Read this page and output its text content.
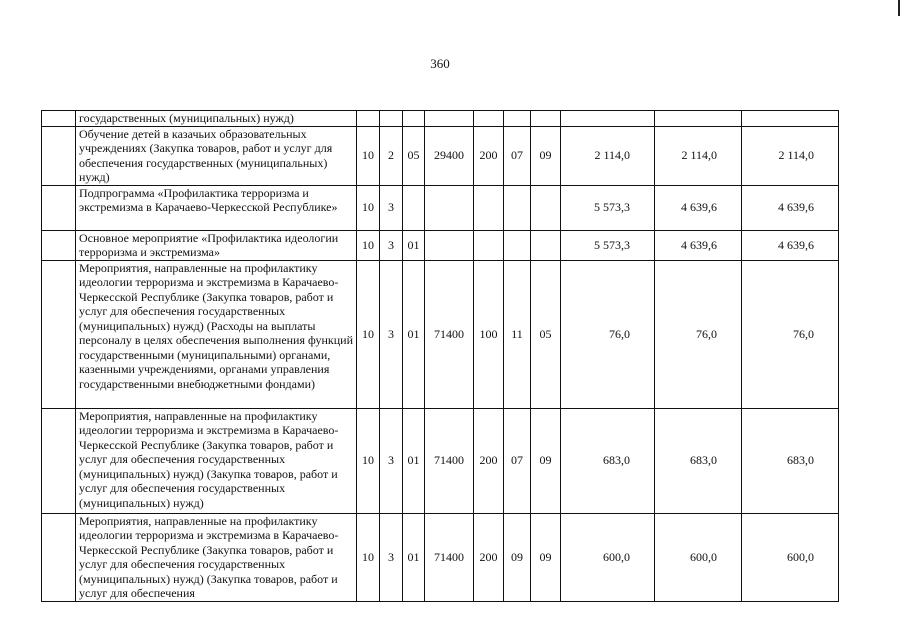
360
	государственных (муниципальных) нужд)										
	Обучение детей в казачьих образовательных учреждениях (Закупка товаров, работ и услуг для обеспечения государственных (муниципальных) нужд)	10	2	05	29400	200	07	09	2 114,0	2 114,0	2 114,0
	Подпрограмма «Профилактика терроризма и экстремизма в Карачаево-Черкесской Республике»	10	3						5 573,3	4 639,6	4 639,6
	Основное мероприятие «Профилактика идеологии терроризма и экстремизма»	10	3	01					5 573,3	4 639,6	4 639,6
	Мероприятия, направленные на профилактику идеологии терроризма и экстремизма в Карачаево-Черкесской Республике (Закупка товаров, работ и услуг для обеспечения государственных (муниципальных) нужд) (Расходы на выплаты персоналу в целях обеспечения выполнения функций государственными (муниципальными) органами, казенными учреждениями, органами управления государственными внебюджетными фондами)	10	3	01	71400	100	11	05	76,0	76,0	76,0
	Мероприятия, направленные на профилактику идеологии терроризма и экстремизма в Карачаево-Черкесской Республике (Закупка товаров, работ и услуг для обеспечения государственных (муниципальных) нужд) (Закупка товаров, работ и услуг для обеспечения государственных (муниципальных) нужд)	10	3	01	71400	200	07	09	683,0	683,0	683,0
	Мероприятия, направленные на профилактику идеологии терроризма и экстремизма в Карачаево-Черкесской Республике (Закупка товаров, работ и услуг для обеспечения государственных (муниципальных) нужд) (Закупка товаров, работ и услуг для обеспечения	10	3	01	71400	200	09	09	600,0	600,0	600,0
